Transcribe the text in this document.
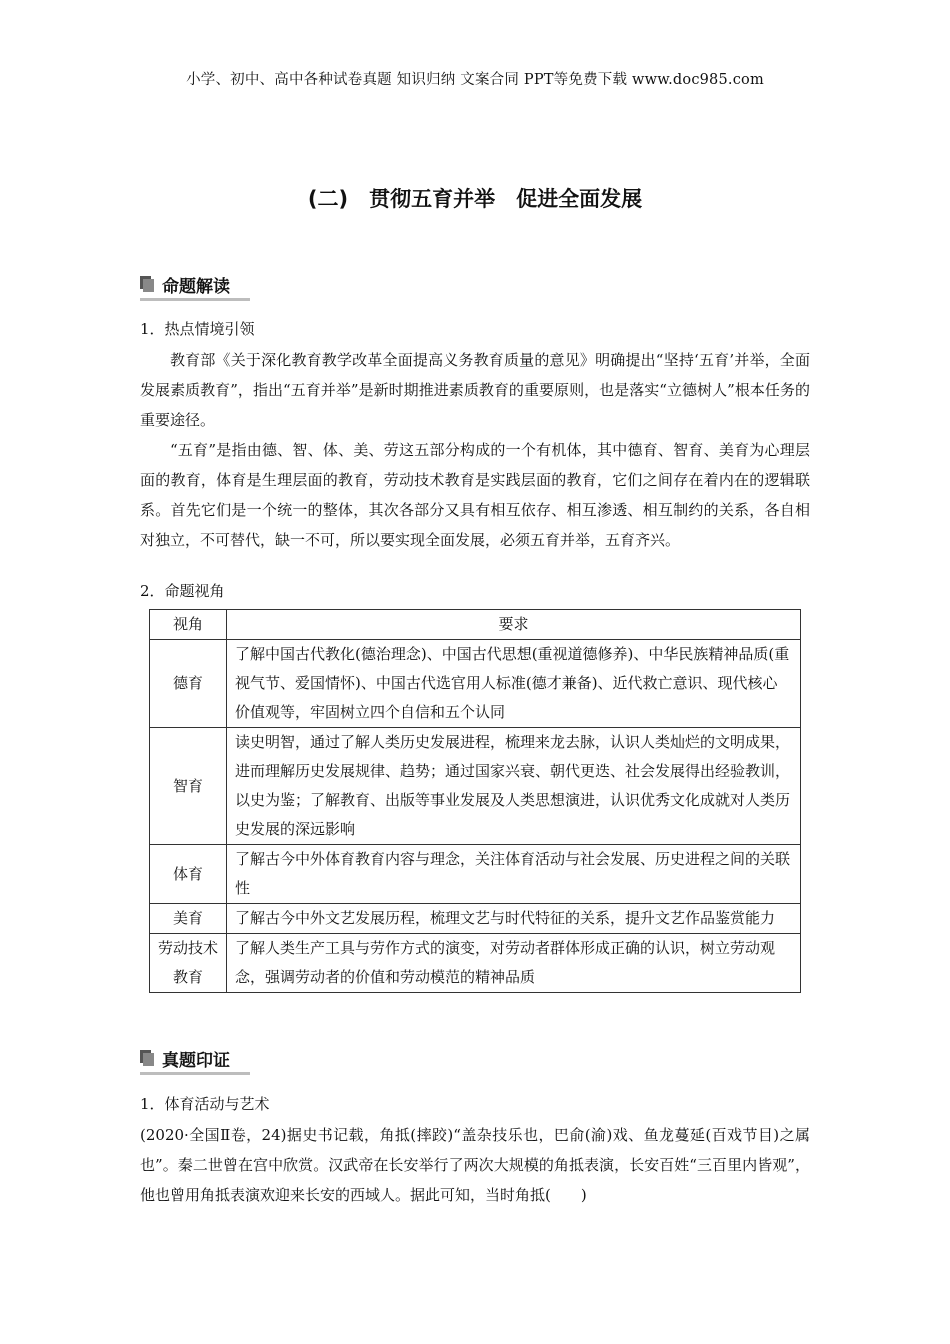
小学、初中、高中各种试卷真题 知识归纳 文案合同 PPT等免费下载 www.doc985.com
(二)　贯彻五育并举　促进全面发展
命题解读
1．热点情境引领
教育部《关于深化教育教学改革全面提高义务教育质量的意见》明确提出“坚持‘五育’并举，全面发展素质教育”，指出“五育并举”是新时期推进素质教育的重要原则，也是落实“立德树人”根本任务的重要途径。
“五育”是指由德、智、体、美、劳这五部分构成的一个有机体，其中德育、智育、美育为心理层面的教育，体育是生理层面的教育，劳动技术教育是实践层面的教育，它们之间存在着内在的逻辑联系。首先它们是一个统一的整体，其次各部分又具有相互依存、相互渗透、相互制约的关系，各自相对独立，不可替代，缺一不可，所以要实现全面发展，必须五育并举，五育齐兴。
2．命题视角
视角	要求
德育	了解中国古代教化(德治理念)、中国古代思想(重视道德修养)、中华民族精神品质(重视气节、爱国情怀)、中国古代选官用人标准(德才兼备)、近代救亡意识、现代核心价值观等，牢固树立四个自信和五个认同
智育	读史明智，通过了解人类历史发展进程，梳理来龙去脉，认识人类灿烂的文明成果，进而理解历史发展规律、趋势；通过国家兴衰、朝代更迭、社会发展得出经验教训，以史为鉴；了解教育、出版等事业发展及人类思想演进，认识优秀文化成就对人类历史发展的深远影响
体育	了解古今中外体育教育内容与理念，关注体育活动与社会发展、历史进程之间的关联性
美育	了解古今中外文艺发展历程，梳理文艺与时代特征的关系，提升文艺作品鉴赏能力
劳动技术教育	了解人类生产工具与劳作方式的演变，对劳动者群体形成正确的认识，树立劳动观念，强调劳动者的价值和劳动模范的精神品质
真题印证
1．体育活动与艺术
(2020·全国Ⅱ卷，24)据史书记载，角抵(摔跤)“盖杂技乐也，巴俞(渝)戏、鱼龙蔓延(百戏节目)之属也”。秦二世曾在宫中欣赏。汉武帝在长安举行了两次大规模的角抵表演，长安百姓“三百里内皆观”，他也曾用角抵表演欢迎来长安的西域人。据此可知，当时角抵(　　)
